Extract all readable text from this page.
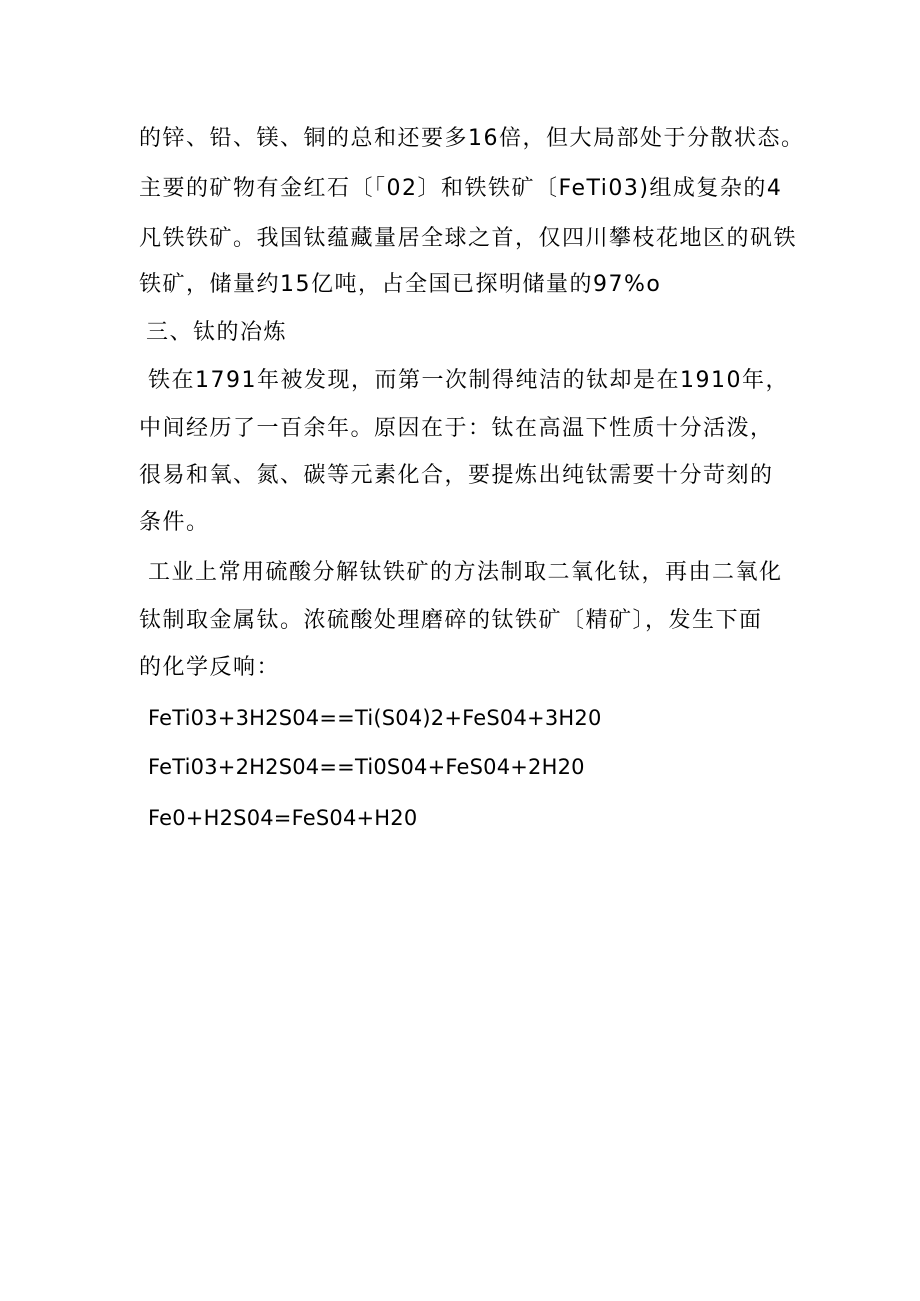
的锌、铅、镁、铜的总和还要多16倍，但大局部处于分散状态。
主要的矿物有金红石〔「02〕和铁铁矿〔FeTi03)组成复杂的4
凡铁铁矿。我国钛蕴藏量居全球之首，仅四川攀枝花地区的矾铁
铁矿，储量约15亿吨，占全国已探明储量的97%o
三、钛的冶炼
铁在1791年被发现，而第一次制得纯洁的钛却是在1910年，
中间经历了一百余年。原因在于：钛在高温下性质十分活泼，
很易和氧、氮、碳等元素化合，要提炼出纯钛需要十分苛刻的
条件。
工业上常用硫酸分解钛铁矿的方法制取二氧化钛，再由二氧化
钛制取金属钛。浓硫酸处理磨碎的钛铁矿〔精矿〕，发生下面
的化学反响：
FeTi03+3H2S04==Ti(S04)2+FeS04+3H20
FeTi03+2H2S04==Ti0S04+FeS04+2H20
Fe0+H2S04=FeS04+H20
